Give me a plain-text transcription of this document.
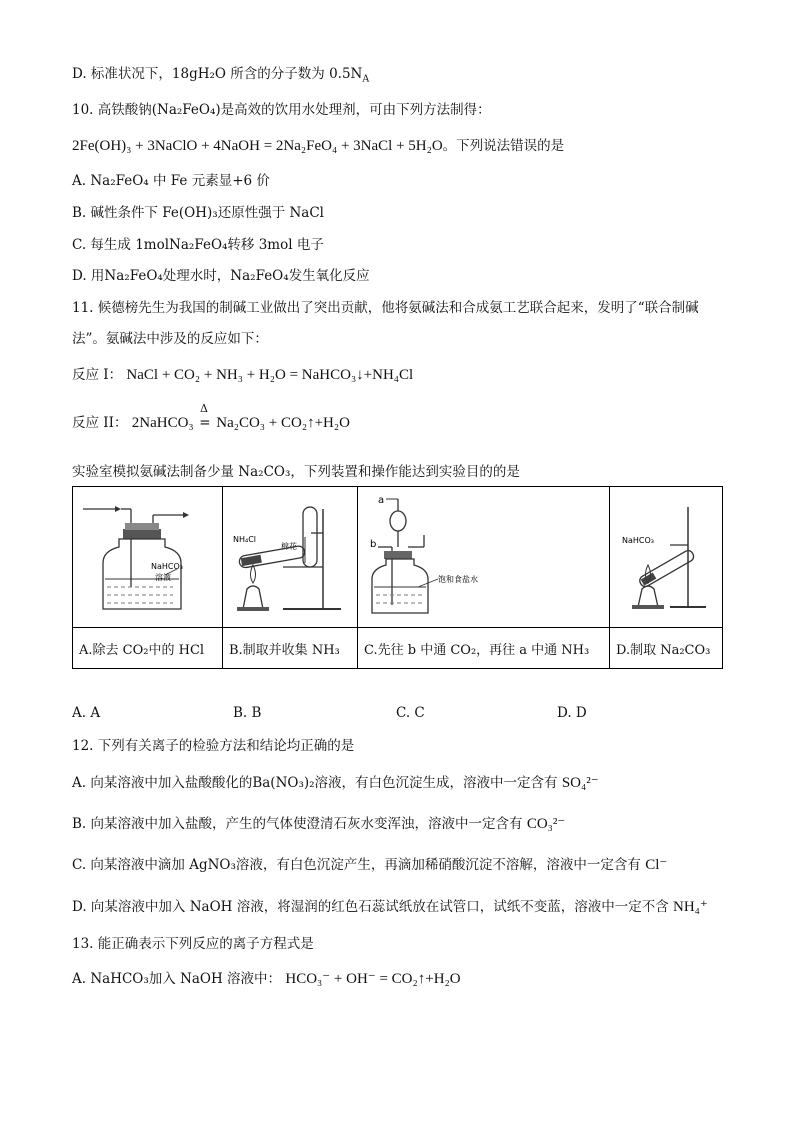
D. 标准状况下，18gH₂O 所含的分子数为 $0.5N_A$
10. 高铁酸钠(Na₂FeO₄)是高效的饮用水处理剂，可由下列方法制得：
2Fe(OH)₃ + 3NaClO + 4NaOH = 2Na₂FeO₄ + 3NaCl + 5H₂O。下列说法错误的是
A. Na₂FeO₄ 中 Fe 元素显+6 价
B. 碱性条件下 Fe(OH)₃还原性强于 NaCl
C. 每生成 1molNa₂FeO₄转移 3mol 电子
D. 用Na₂FeO₄处理水时，Na₂FeO₄发生氧化反应
11. 候德榜先生为我国的制碱工业做出了突出贡献，他将氨碱法和合成氨工艺联合起来，发明了“联合制碱
法”。氨碱法中涉及的反应如下：
反应 I： NaCl + CO₂ + NH₃ + H₂O = NaHCO₃↓+NH₄Cl
反应 II： 2NaHCO₃
Δ
= Na₂CO₃ + CO₂↑+H₂O
实验室模拟氨碱法制备少量 Na₂CO₃，下列装置和操作能达到实验目的的是
NaHCO₃
溶液	NH₄Cl
棉花	a
b
饱和食盐水	NaHCO₃

A.除去 CO₂中的 HCl	B.制取并收集 NH₃	C.先往 b 中通 CO₂，再往 a 中通 NH₃	D.制取 Na₂CO₃
A. A	B. B	C. C	D. D
12. 下列有关离子的检验方法和结论均正确的是
A. 向某溶液中加入盐酸酸化的Ba(NO₃)₂溶液，有白色沉淀生成，溶液中一定含有 SO₄²⁻
B. 向某溶液中加入盐酸，产生的气体使澄清石灰水变浑浊，溶液中一定含有 CO₃²⁻
C. 向某溶液中滴加 AgNO₃溶液，有白色沉淀产生，再滴加稀硝酸沉淀不溶解，溶液中一定含有 Cl⁻
D. 向某溶液中加入 NaOH 溶液，将湿润的红色石蕊试纸放在试管口，试纸不变蓝，溶液中一定不含 NH₄⁺
13. 能正确表示下列反应的离子方程式是
A. NaHCO₃加入 NaOH 溶液中： HCO₃⁻ + OH⁻ = CO₂↑+H₂O
